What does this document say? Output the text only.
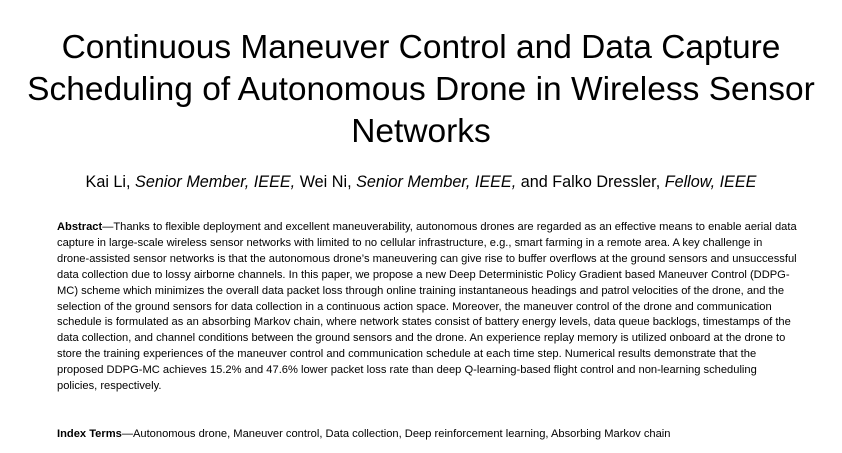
Continuous Maneuver Control and Data Capture Scheduling of Autonomous Drone in Wireless Sensor Networks
Kai Li, Senior Member, IEEE, Wei Ni, Senior Member, IEEE, and Falko Dressler, Fellow, IEEE

Abstract—Thanks to flexible deployment and excellent maneuverability, autonomous drones are regarded as an effective means to enable aerial data capture in large-scale wireless sensor networks with limited to no cellular infrastructure, e.g., smart farming in a remote area. A key challenge in drone-assisted sensor networks is that the autonomous drone’s maneuvering can give rise to buffer overflows at the ground sensors and unsuccessful data collection due to lossy airborne channels. In this paper, we propose a new Deep Deterministic Policy Gradient based Maneuver Control (DDPG-MC) scheme which minimizes the overall data packet loss through online training instantaneous headings and patrol velocities of the drone, and the selection of the ground sensors for data collection in a continuous action space. Moreover, the maneuver control of the drone and communication schedule is formulated as an absorbing Markov chain, where network states consist of battery energy levels, data queue backlogs, timestamps of the data collection, and channel conditions between the ground sensors and the drone. An experience replay memory is utilized onboard at the drone to store the training experiences of the maneuver control and communication schedule at each time step. Numerical results demonstrate that the proposed DDPG-MC achieves 15.2% and 47.6% lower packet loss rate than deep Q-learning-based flight control and non-learning scheduling policies, respectively.

Index Terms—Autonomous drone, Maneuver control, Data collection, Deep reinforcement learning, Absorbing Markov chain
